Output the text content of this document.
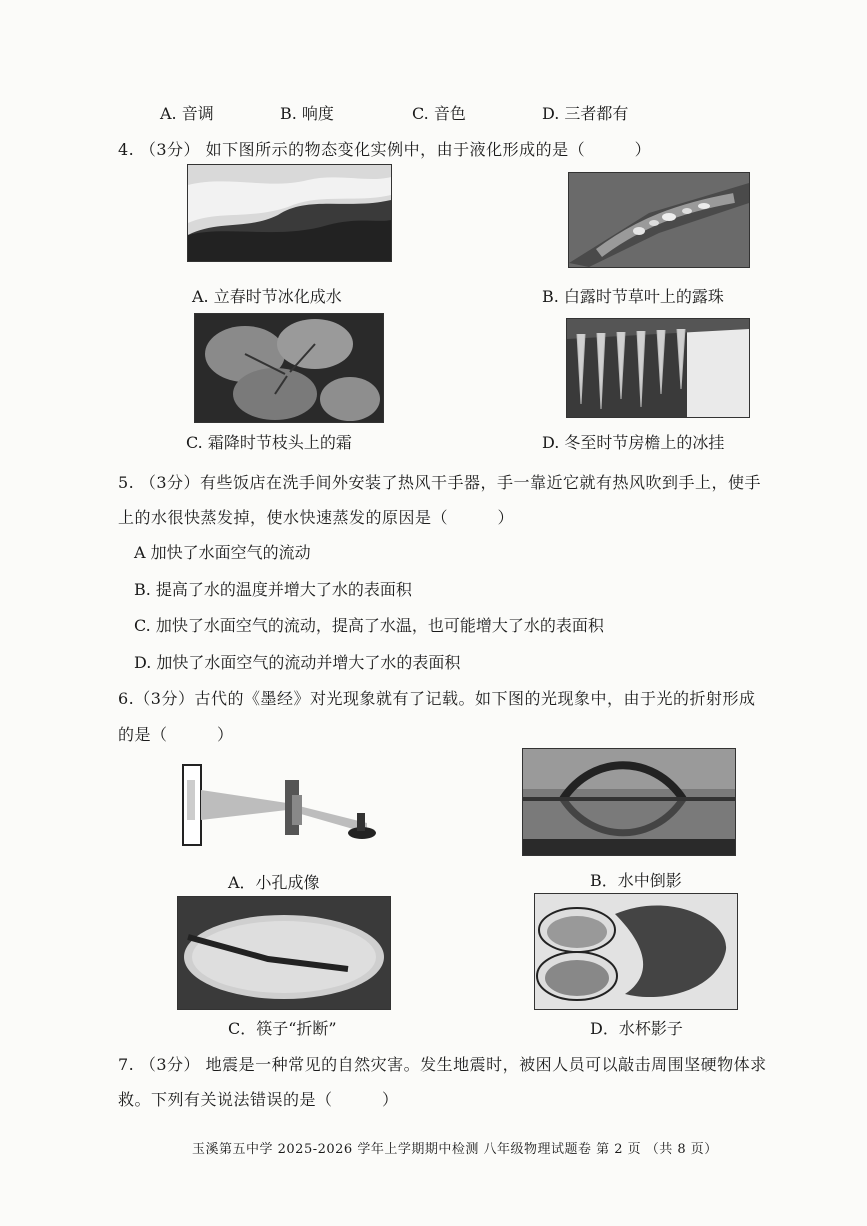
A. 音调	B. 响度	C. 音色	D. 三者都有
4. （3分） 如下图所示的物态变化实例中，由于液化形成的是（　　　）
A. 立春时节冰化成水	B. 白露时节草叶上的露珠
C. 霜降时节枝头上的霜	D. 冬至时节房檐上的冰挂
5. （3分）有些饭店在洗手间外安装了热风干手器，手一靠近它就有热风吹到手上，使手
上的水很快蒸发掉，使水快速蒸发的原因是（　　　）
A 加快了水面空气的流动
B. 提高了水的温度并增大了水的表面积
C. 加快了水面空气的流动，提高了水温，也可能增大了水的表面积
D. 加快了水面空气的流动并增大了水的表面积
6.（3分）古代的《墨经》对光现象就有了记载。如下图的光现象中，由于光的折射形成
的是（　　　）
A．小孔成像	B．水中倒影
C．筷子“折断”	D．水杯影子
7. （3分） 地震是一种常见的自然灾害。发生地震时，被困人员可以敲击周围坚硬物体求
救。下列有关说法错误的是（　　　）
玉溪第五中学 2025-2026 学年上学期期中检测 八年级物理试题卷 第 2 页 （共 8 页）
